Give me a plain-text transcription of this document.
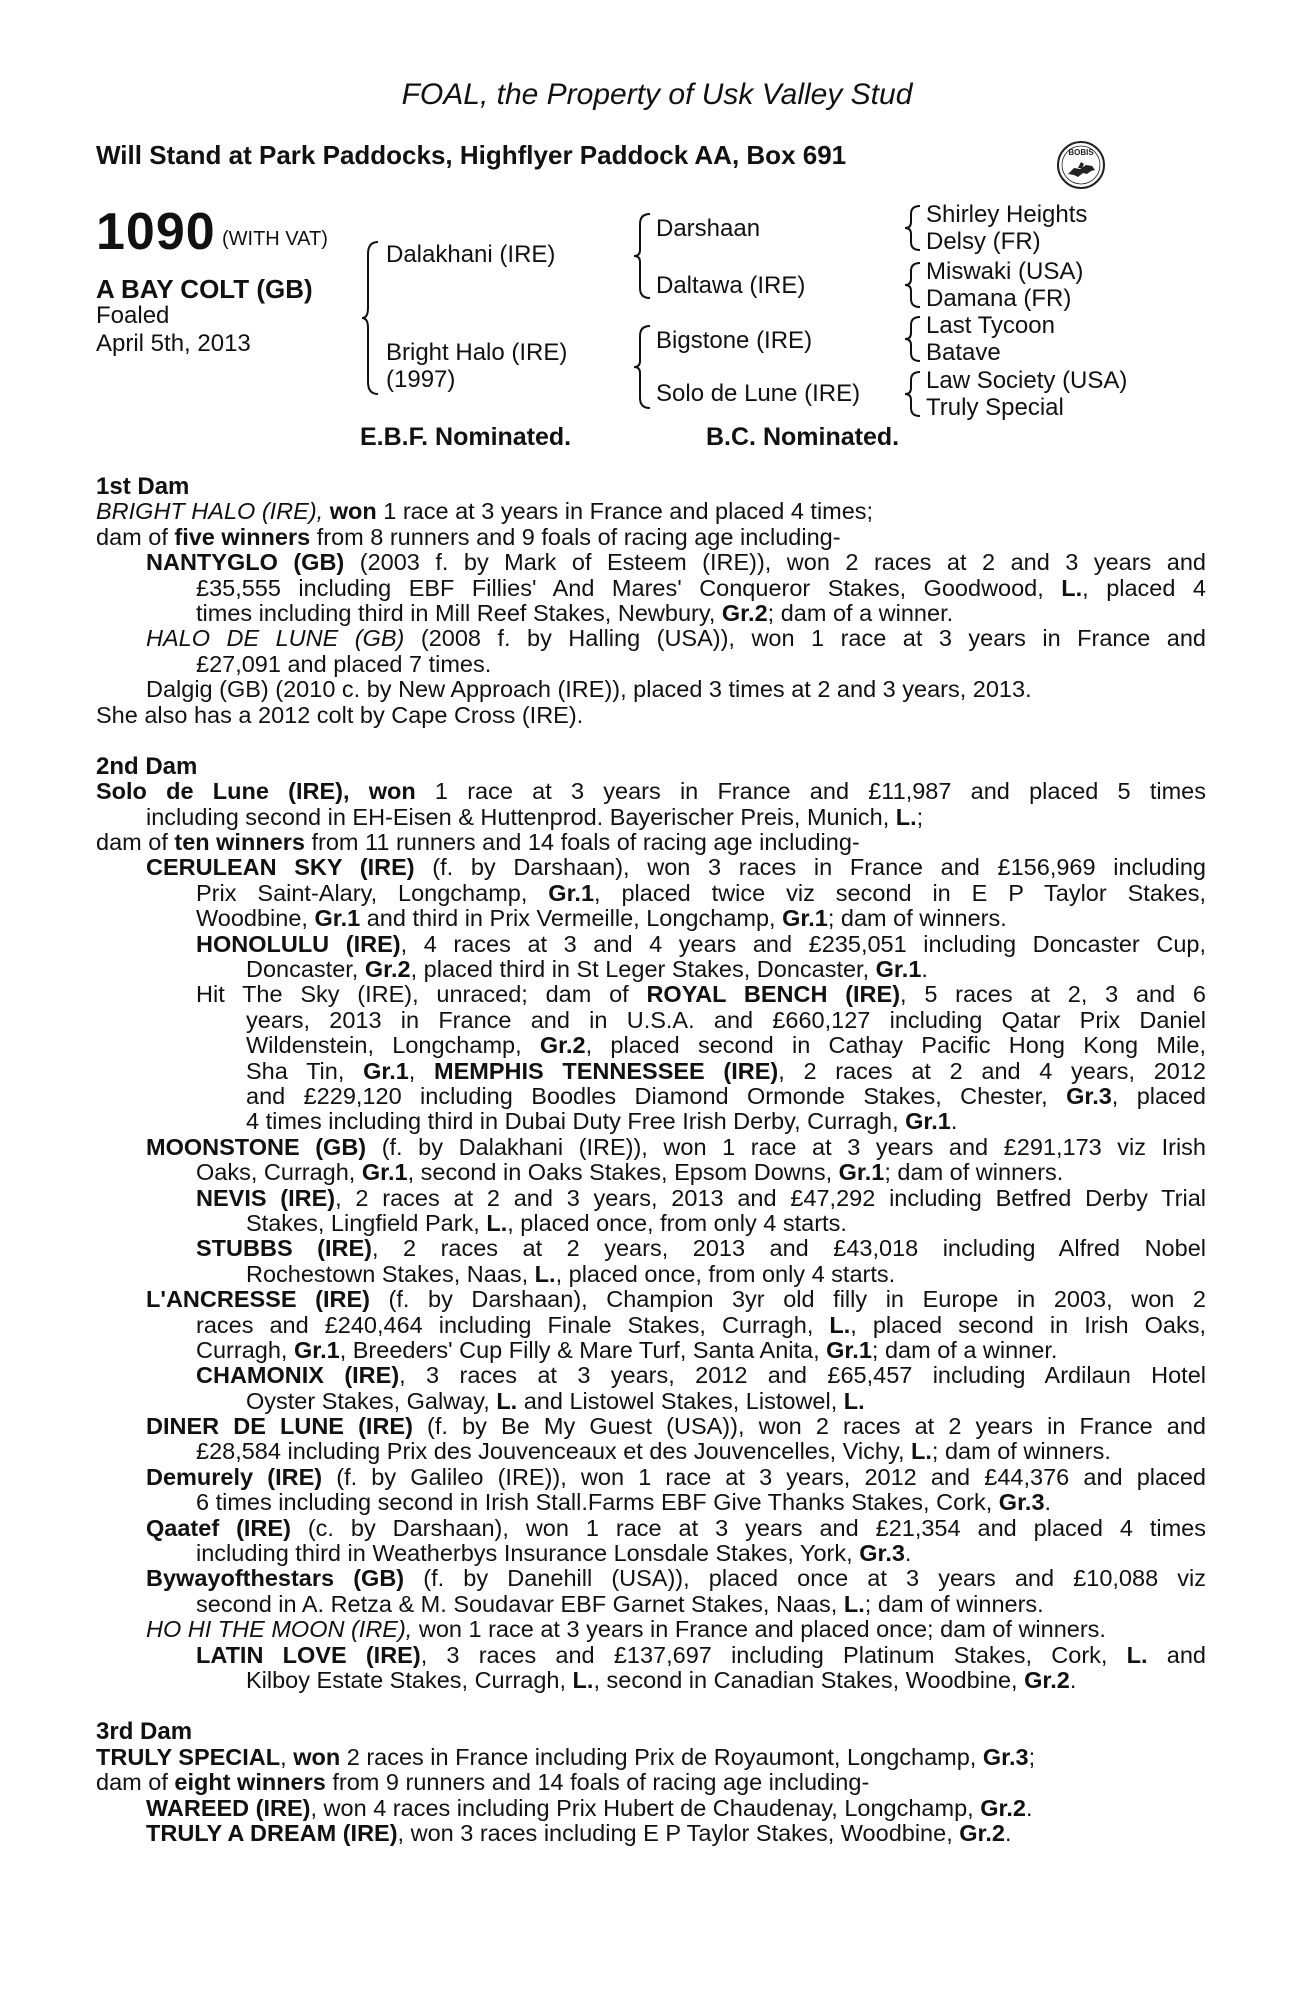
FOAL, the Property of Usk Valley Stud
Will Stand at Park Paddocks, Highflyer Paddock AA, Box 691	BOBIS
1090 (WITH VAT)
A BAY COLT (GB)
Foaled
April 5th, 2013
Dalakhani (IRE)
Bright Halo (IRE)
(1997)
Darshaan
Daltawa (IRE)
Bigstone (IRE)
Solo de Lune (IRE)
Shirley Heights
Delsy (FR)
Miswaki (USA)
Damana (FR)
Last Tycoon
Batave
Law Society (USA)
Truly Special
E.B.F. Nominated.	B.C. Nominated.
1st Dam
BRIGHT HALO (IRE), won 1 race at 3 years in France and placed 4 times;
dam of five winners from 8 runners and 9 foals of racing age including-
NANTYGLO (GB) (2003 f. by Mark of Esteem (IRE)), won 2 races at 2 and 3 years and
£35,555 including EBF Fillies' And Mares' Conqueror Stakes, Goodwood, L., placed 4
times including third in Mill Reef Stakes, Newbury, Gr.2; dam of a winner.
HALO DE LUNE (GB) (2008 f. by Halling (USA)), won 1 race at 3 years in France and
£27,091 and placed 7 times.
Dalgig (GB) (2010 c. by New Approach (IRE)), placed 3 times at 2 and 3 years, 2013.
She also has a 2012 colt by Cape Cross (IRE).
2nd Dam
Solo de Lune (IRE), won 1 race at 3 years in France and £11,987 and placed 5 times
including second in EH-Eisen & Huttenprod. Bayerischer Preis, Munich, L.;
dam of ten winners from 11 runners and 14 foals of racing age including-
CERULEAN SKY (IRE) (f. by Darshaan), won 3 races in France and £156,969 including
Prix Saint-Alary, Longchamp, Gr.1, placed twice viz second in E P Taylor Stakes,
Woodbine, Gr.1 and third in Prix Vermeille, Longchamp, Gr.1; dam of winners.
HONOLULU (IRE), 4 races at 3 and 4 years and £235,051 including Doncaster Cup,
Doncaster, Gr.2, placed third in St Leger Stakes, Doncaster, Gr.1.
Hit The Sky (IRE), unraced; dam of ROYAL BENCH (IRE), 5 races at 2, 3 and 6
years, 2013 in France and in U.S.A. and £660,127 including Qatar Prix Daniel
Wildenstein, Longchamp, Gr.2, placed second in Cathay Pacific Hong Kong Mile,
Sha Tin, Gr.1, MEMPHIS TENNESSEE (IRE), 2 races at 2 and 4 years, 2012
and £229,120 including Boodles Diamond Ormonde Stakes, Chester, Gr.3, placed
4 times including third in Dubai Duty Free Irish Derby, Curragh, Gr.1.
MOONSTONE (GB) (f. by Dalakhani (IRE)), won 1 race at 3 years and £291,173 viz Irish
Oaks, Curragh, Gr.1, second in Oaks Stakes, Epsom Downs, Gr.1; dam of winners.
NEVIS (IRE), 2 races at 2 and 3 years, 2013 and £47,292 including Betfred Derby Trial
Stakes, Lingfield Park, L., placed once, from only 4 starts.
STUBBS (IRE), 2 races at 2 years, 2013 and £43,018 including Alfred Nobel
Rochestown Stakes, Naas, L., placed once, from only 4 starts.
L'ANCRESSE (IRE) (f. by Darshaan), Champion 3yr old filly in Europe in 2003, won 2
races and £240,464 including Finale Stakes, Curragh, L., placed second in Irish Oaks,
Curragh, Gr.1, Breeders' Cup Filly & Mare Turf, Santa Anita, Gr.1; dam of a winner.
CHAMONIX (IRE), 3 races at 3 years, 2012 and £65,457 including Ardilaun Hotel
Oyster Stakes, Galway, L. and Listowel Stakes, Listowel, L.
DINER DE LUNE (IRE) (f. by Be My Guest (USA)), won 2 races at 2 years in France and
£28,584 including Prix des Jouvenceaux et des Jouvencelles, Vichy, L.; dam of winners.
Demurely (IRE) (f. by Galileo (IRE)), won 1 race at 3 years, 2012 and £44,376 and placed
6 times including second in Irish Stall.Farms EBF Give Thanks Stakes, Cork, Gr.3.
Qaatef (IRE) (c. by Darshaan), won 1 race at 3 years and £21,354 and placed 4 times
including third in Weatherbys Insurance Lonsdale Stakes, York, Gr.3.
Bywayofthestars (GB) (f. by Danehill (USA)), placed once at 3 years and £10,088 viz
second in A. Retza & M. Soudavar EBF Garnet Stakes, Naas, L.; dam of winners.
HO HI THE MOON (IRE), won 1 race at 3 years in France and placed once; dam of winners.
LATIN LOVE (IRE), 3 races and £137,697 including Platinum Stakes, Cork, L. and
Kilboy Estate Stakes, Curragh, L., second in Canadian Stakes, Woodbine, Gr.2.
3rd Dam
TRULY SPECIAL, won 2 races in France including Prix de Royaumont, Longchamp, Gr.3;
dam of eight winners from 9 runners and 14 foals of racing age including-
WAREED (IRE), won 4 races including Prix Hubert de Chaudenay, Longchamp, Gr.2.
TRULY A DREAM (IRE), won 3 races including E P Taylor Stakes, Woodbine, Gr.2.
